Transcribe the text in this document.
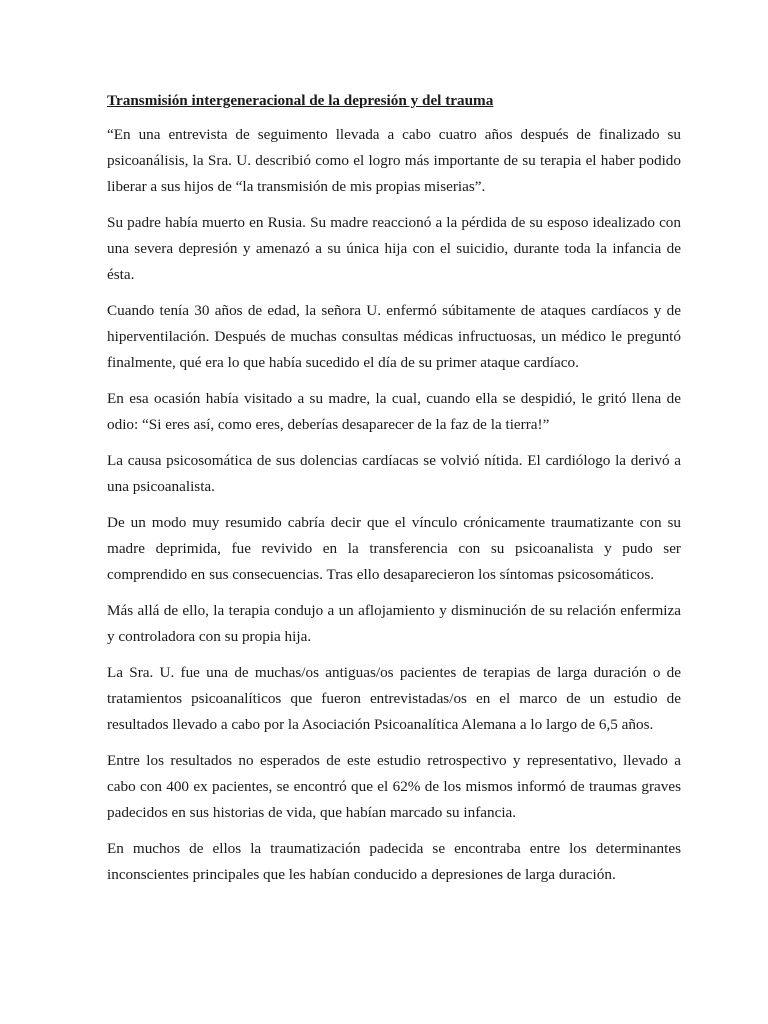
Transmisión intergeneracional de la depresión y del trauma

“En una entrevista de seguimento llevada a cabo cuatro años después de finalizado su psicoanálisis, la Sra. U. describió como el logro más importante de su terapia el haber podido liberar a sus hijos de “la transmisión de mis propias miserias”.

Su padre había muerto en Rusia. Su madre reaccionó a la pérdida de su esposo idealizado con una severa depresión y amenazó a su única hija con el suicidio, durante toda la infancia de ésta.

Cuando tenía 30 años de edad, la señora U. enfermó súbitamente de ataques cardíacos y de hiperventilación. Después de muchas consultas médicas infructuosas, un médico le preguntó finalmente, qué era lo que había sucedido el día de su primer ataque cardíaco.

En esa ocasión había visitado a su madre, la cual, cuando ella se despidió, le gritó llena de odio: “Si eres así, como eres, deberías desaparecer de la faz de la tierra!”

La causa psicosomática de sus dolencias cardíacas se volvió nítida. El cardiólogo la derivó a una psicoanalista.

De un modo muy resumido cabría decir que el vínculo crónicamente traumatizante con su madre deprimida, fue revivido en la transferencia con su psicoanalista y pudo ser comprendido en sus consecuencias. Tras ello desaparecieron los síntomas psicosomáticos.

Más allá de ello, la terapia condujo a un aflojamiento y disminución de su relación enfermiza y controladora con su propia hija.

La Sra. U. fue una de muchas/os antiguas/os pacientes de terapias de larga duración o de tratamientos psicoanalíticos que fueron entrevistadas/os en el marco de un estudio de resultados llevado a cabo por la Asociación Psicoanalítica Alemana a lo largo de 6,5 años.

Entre los resultados no esperados de este estudio retrospectivo y representativo, llevado a cabo con 400 ex pacientes, se encontró que el 62% de los mismos informó de traumas graves padecidos en sus historias de vida, que habían marcado su infancia.

En muchos de ellos la traumatización padecida se encontraba entre los determinantes inconscientes principales que les habían conducido a depresiones de larga duración.
